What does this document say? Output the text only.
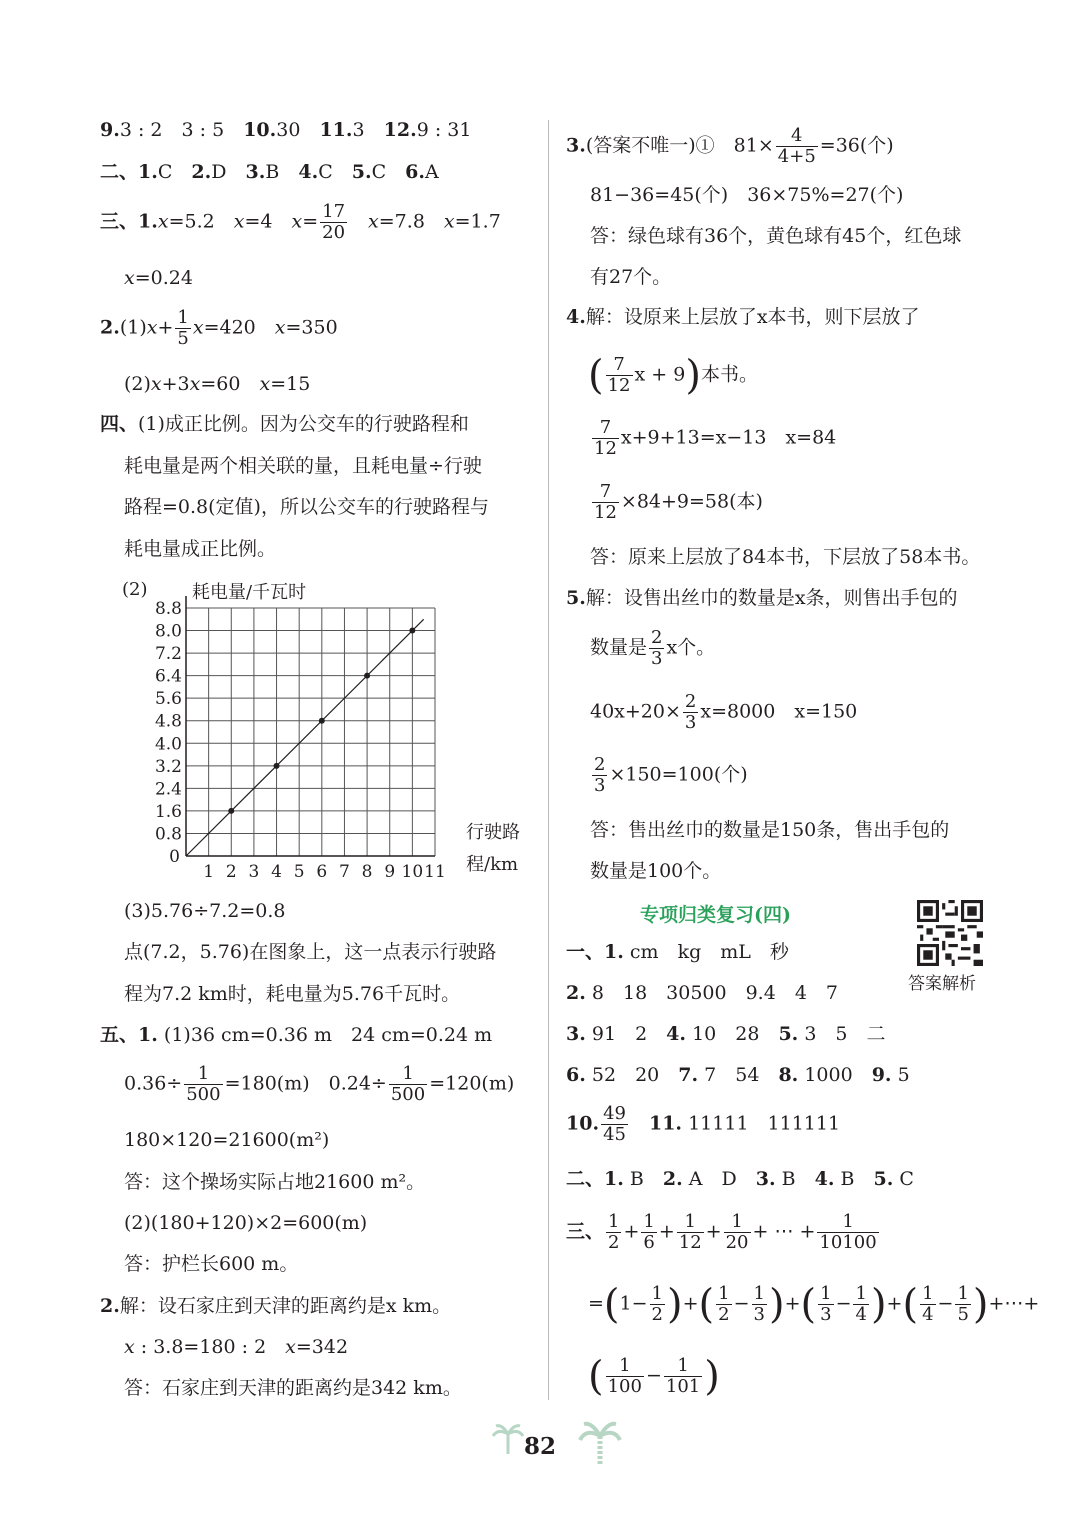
9.3 : 2　3 : 5　 10.30　 11.3　 12.9 : 31
二、1.C　 2.D　 3.B　 4.C　 5.C　 6.A
三、1.x=5.2　 x=4　 $x= \frac{17}{20}$
　 x=7.8　 x=1.7
x=0.24
$2.(1)x+ \frac{1}{5} x=420$　 x=350
(2)x+3x=60　 x=15
四、(1)成正比例。因为公交车的行驶路程和
耗电量是两个相关联的量，且耗电量÷行驶
路程=0.8(定值)，所以公交车的行驶路程与
耗电量成正比例。
1 2 3 4 5 6 7 8 9 10 11
0.8
1.6
2.4
3.2
4.0
4.8
5.6
6.4
7.2
8.0
8.8
0
(2) 耗电量/千瓦时
行驶路
程/km
(3)5.76÷7.2=0.8
点(7.2，5.76)在图象上，这一点表示行驶路
程为7.2 km时，耗电量为5.76千瓦时。
五、1. (1)36 cm=0.36 m　24 cm=0.24 m
$0.36\div \frac{1}{500} =180(m)$　$0.24\div \frac{1}{500} =120(m)$
180×120=21600(m²)
答：这个操场实际占地21600 m²。
(2)(180+120)×2=600(m)
答：护栏长600 m。
2.解：设石家庄到天津的距离约是x km。
x : 3.8=180 : 2　x=342
答：石家庄到天津的距离约是342 km。
3.(答案不唯一)①　$81\times \frac{4}{4+5} =36$(个)
81−36=45(个)　36×75%=27(个)
答：绿色球有36个，黄色球有45个，红色球
有27个。
4.解：设原来上层放了x本书，则下层放了
( $\frac{7}{12}$ x + 9)本书。
$\frac{7}{12} x+9+13=x-13$　x=84
$\frac{7}{12} \times 84+9=58$(本)
答：原来上层放了84本书，下层放了58本书。
5.解：设售出丝巾的数量是x条，则售出手包的
数量是 $\frac{2}{3}$ x个。
$40x+20\times \frac{2}{3} x=8000$　x=150
$\frac{2}{3} \times 150=100$(个)
答：售出丝巾的数量是150条，售出手包的
数量是100个。
专项归类复习(四)
答案解析
一、1. cm　kg　mL　秒
2. 8　18　30500　9.4　4　7
3. 91　2　 4. 10　28　 5. 3　5　二
6. 52　20　 7. 7　54　 8. 1000　 9. 5
10. $\frac{49}{45}$
　 11. 11111　111111
二、1. B　 2. A　D　 3. B　 4. B　 5. C
三、 $\frac{1}{2} + \frac{1}{6} + \frac{1}{12} + \frac{1}{20}$ + ⋯ + $\frac{1}{10100}$
$=(1- \frac{1}{2}$ )+( $\frac{1}{2} - \frac{1}{3}$ )+( $\frac{1}{3} - \frac{1}{4}$ )+( $\frac{1}{4} - \frac{1}{5}$ )+⋯+
( $\frac{1}{100} - \frac{1}{101}$ )
82
